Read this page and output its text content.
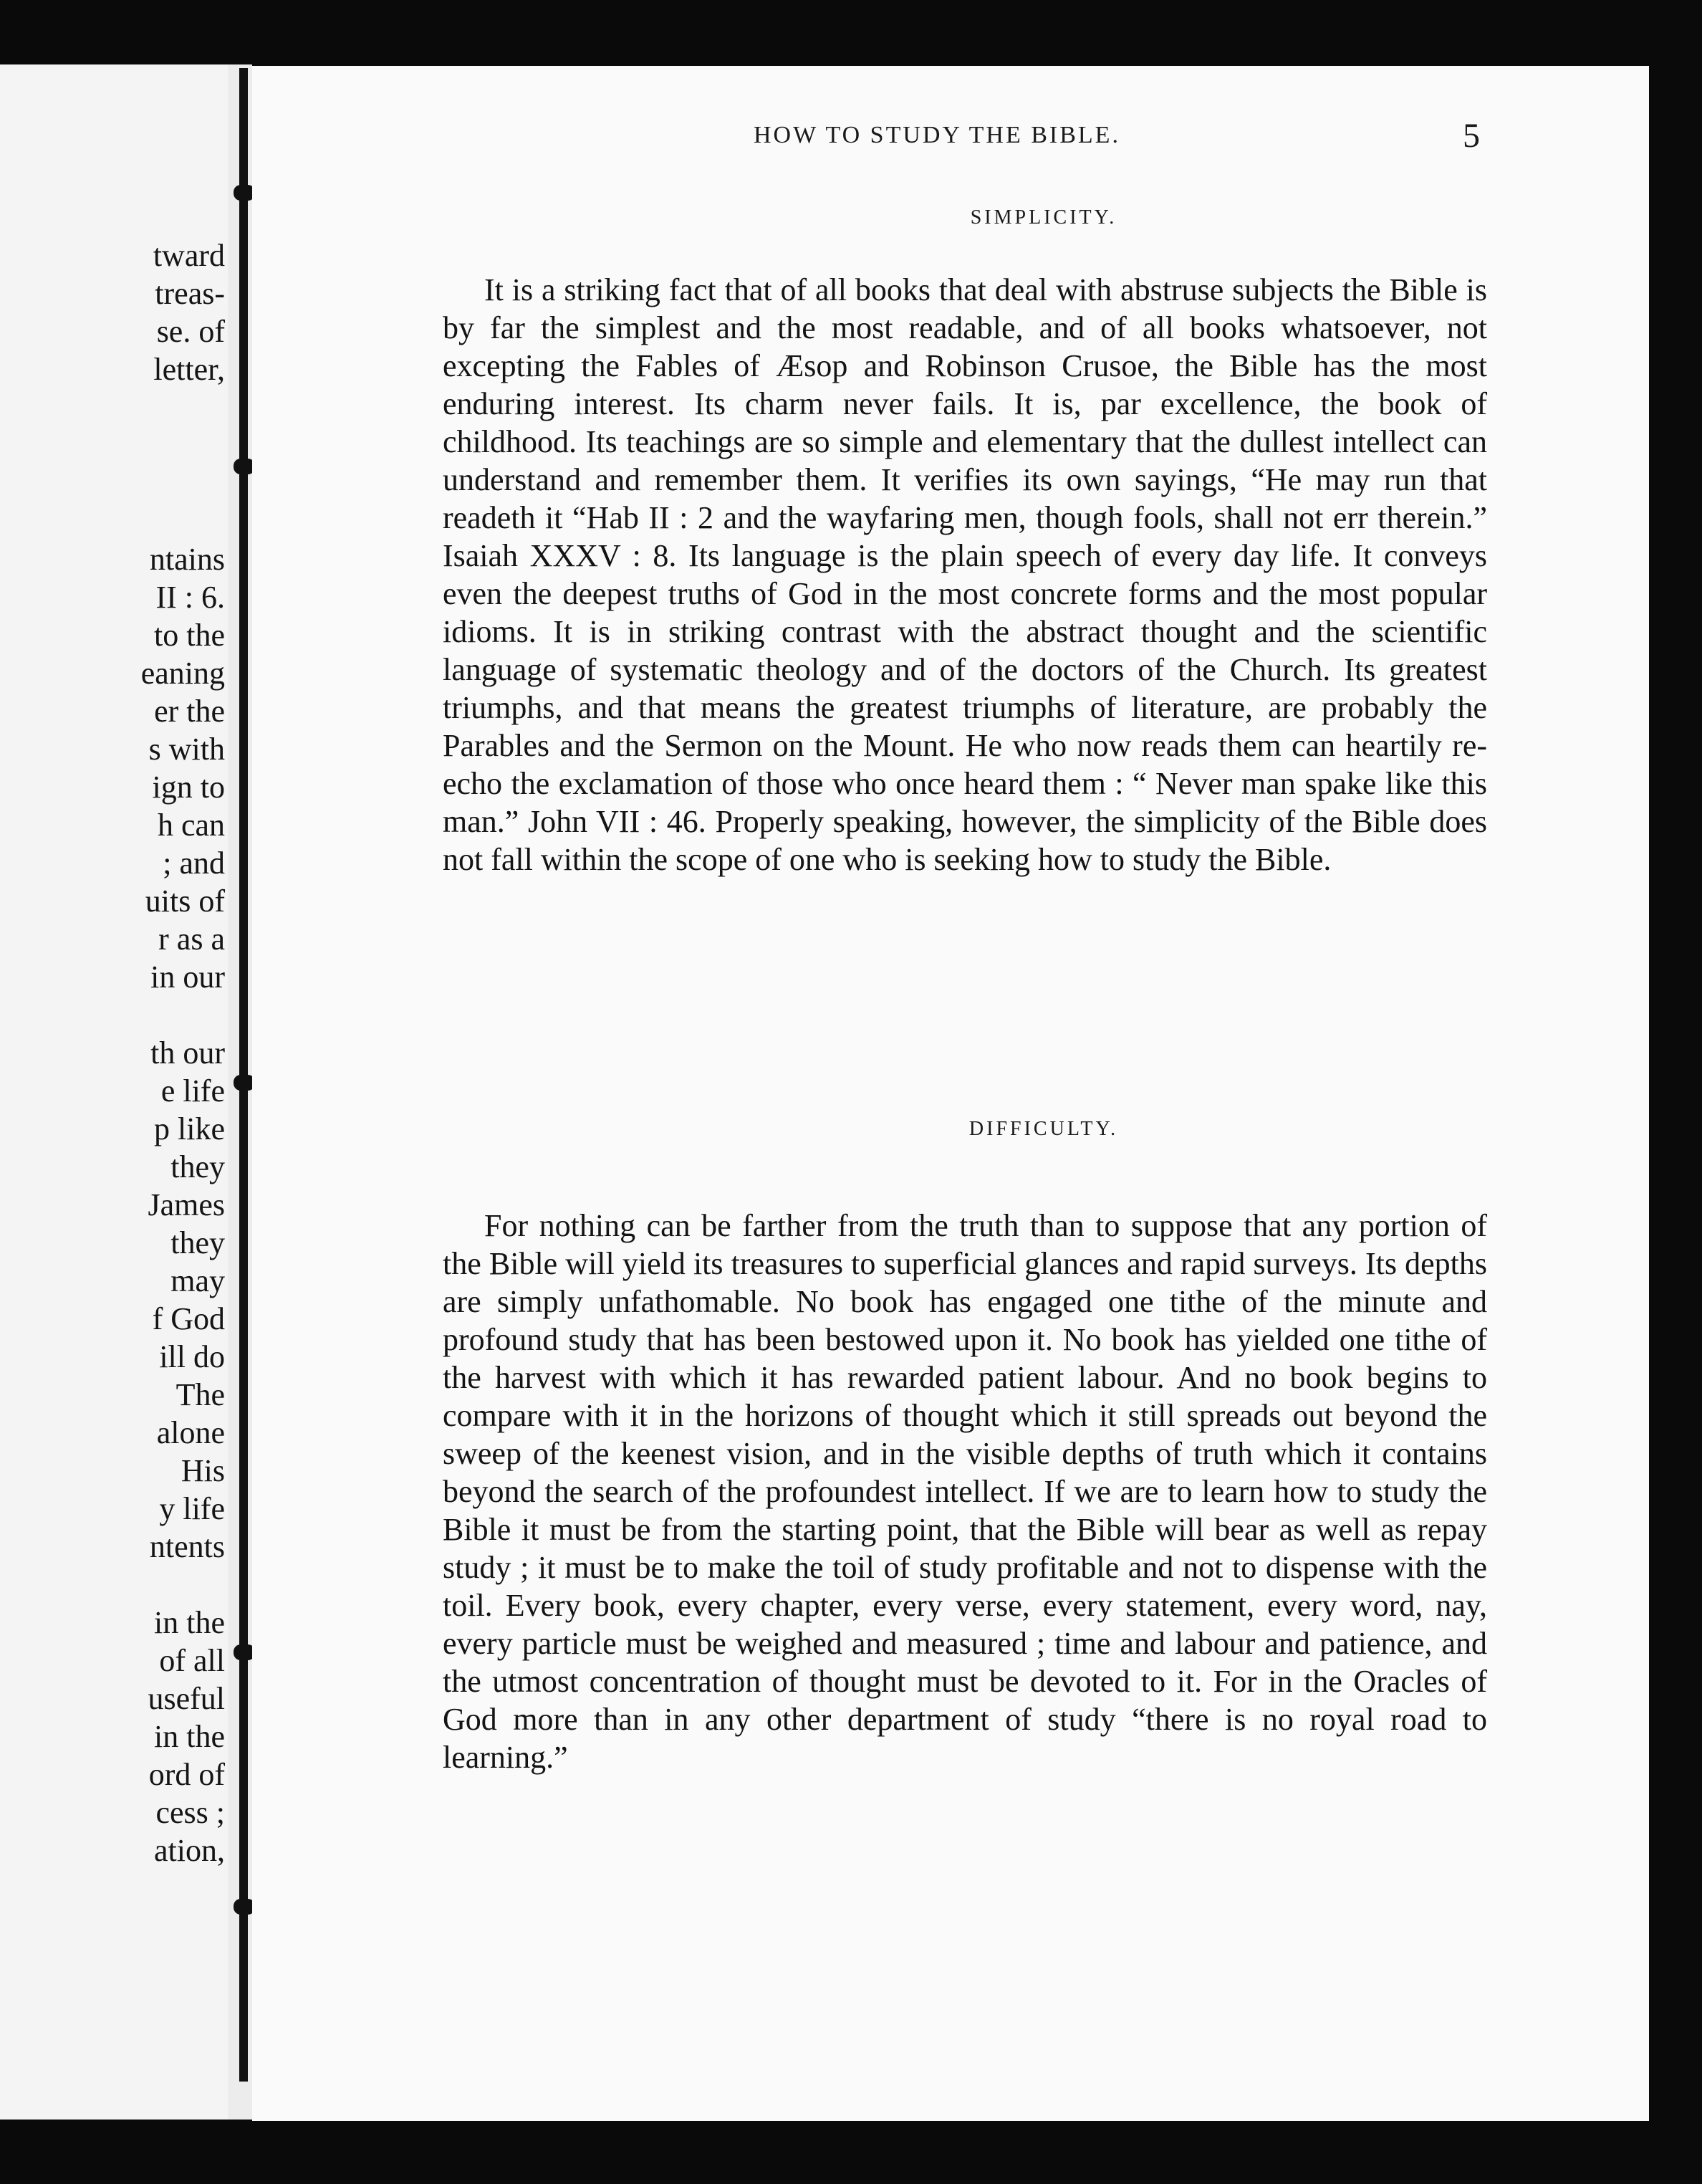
tward
treas-
se. of
letter,
ntains
II : 6.
to the
eaning
er the
s with
ign to
h can
; and
uits of
r as a
in our
th our
e life
p like
they
James
they
may
f God
ill do
The
alone
His
y life
ntents
in the
of all
useful
in the
ord of
cess ;
ation,
HOW TO STUDY THE BIBLE.	5
SIMPLICITY.
It is a striking fact that of all books that deal with abstruse subjects the Bible is by far the simplest and the most readable, and of all books whatsoever, not excepting the Fables of Æsop and Robinson Crusoe, the Bible has the most enduring interest. Its charm never fails. It is, par excellence, the book of childhood. Its teachings are so simple and elementary that the dullest intellect can understand and remember them. It verifies its own sayings, “He may run that readeth it “Hab II : 2 and the wayfaring men, though fools, shall not err therein.” Isaiah XXXV : 8. Its language is the plain speech of every day life. It conveys even the deepest truths of God in the most concrete forms and the most popular idioms. It is in striking contrast with the abstract thought and the scientific language of systematic theology and of the doctors of the Church. Its greatest triumphs, and that means the greatest triumphs of literature, are probably the Parables and the Sermon on the Mount. He who now reads them can heartily re-echo the exclamation of those who once heard them : “ Never man spake like this man.” John VII : 46. Properly speaking, however, the simplicity of the Bible does not fall within the scope of one who is seeking how to study the Bible.
DIFFICULTY.
For nothing can be farther from the truth than to suppose that any portion of the Bible will yield its treasures to superficial glances and rapid surveys. Its depths are simply unfathomable. No book has engaged one tithe of the minute and profound study that has been bestowed upon it. No book has yielded one tithe of the harvest with which it has rewarded patient labour. And no book begins to compare with it in the horizons of thought which it still spreads out beyond the sweep of the keenest vision, and in the visible depths of truth which it contains beyond the search of the profoundest intellect. If we are to learn how to study the Bible it must be from the starting point, that the Bible will bear as well as repay study ; it must be to make the toil of study profitable and not to dispense with the toil. Every book, every chapter, every verse, every statement, every word, nay, every particle must be weighed and measured ; time and labour and patience, and the utmost concentration of thought must be devoted to it. For in the Oracles of God more than in any other department of study “there is no royal road to learning.”
